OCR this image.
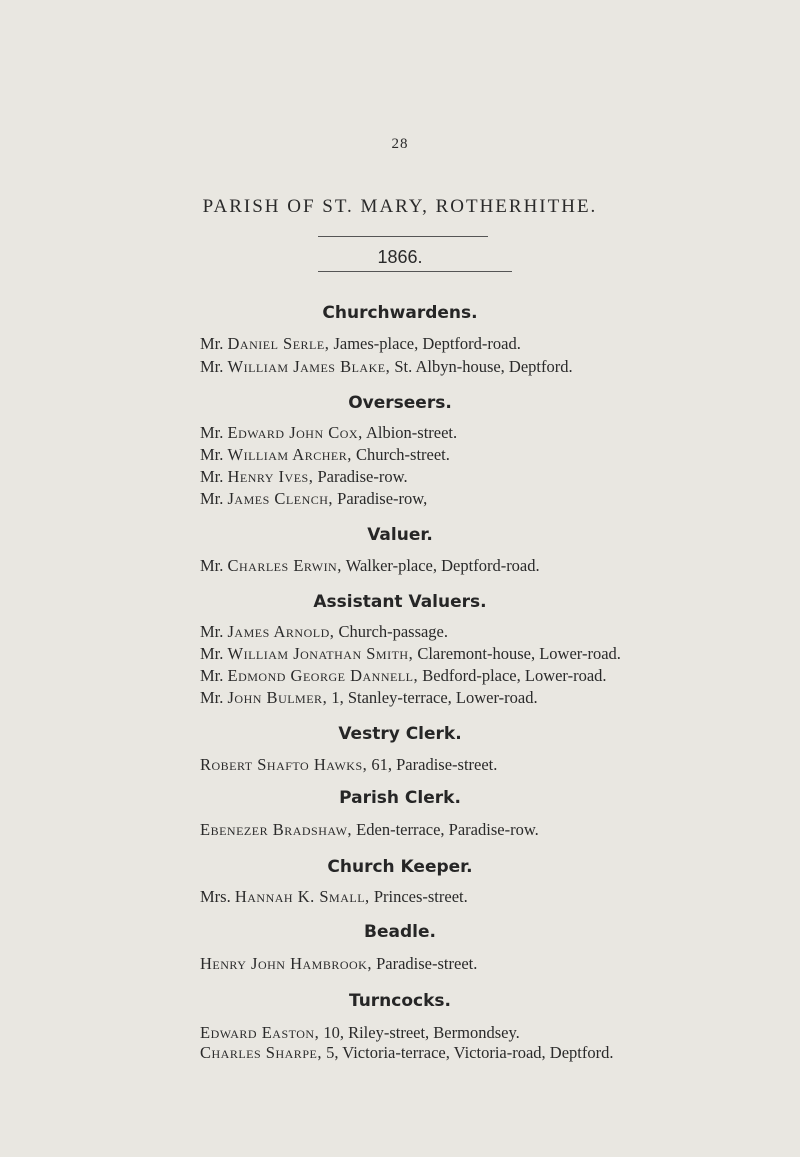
28
PARISH OF ST. MARY, ROTHERHITHE.
1866.
Churchwardens.
Mr. Daniel Serle, James-place, Deptford-road.
Mr. William James Blake, St. Albyn-house, Deptford.
Overseers.
Mr. Edward John Cox, Albion-street.
Mr. William Archer, Church-street.
Mr. Henry Ives, Paradise-row.
Mr. James Clench, Paradise-row,
Valuer.
Mr. Charles Erwin, Walker-place, Deptford-road.
Assistant Valuers.
Mr. James Arnold, Church-passage.
Mr. William Jonathan Smith, Claremont-house, Lower-road.
Mr. Edmond George Dannell, Bedford-place, Lower-road.
Mr. John Bulmer, 1, Stanley-terrace, Lower-road.
Vestry Clerk.
Robert Shafto Hawks, 61, Paradise-street.
Parish Clerk.
Ebenezer Bradshaw, Eden-terrace, Paradise-row.
Church Keeper.
Mrs. Hannah K. Small, Princes-street.
Beadle.
Henry John Hambrook, Paradise-street.
Turncocks.
Edward Easton, 10, Riley-street, Bermondsey.
Charles Sharpe, 5, Victoria-terrace, Victoria-road, Deptford.
